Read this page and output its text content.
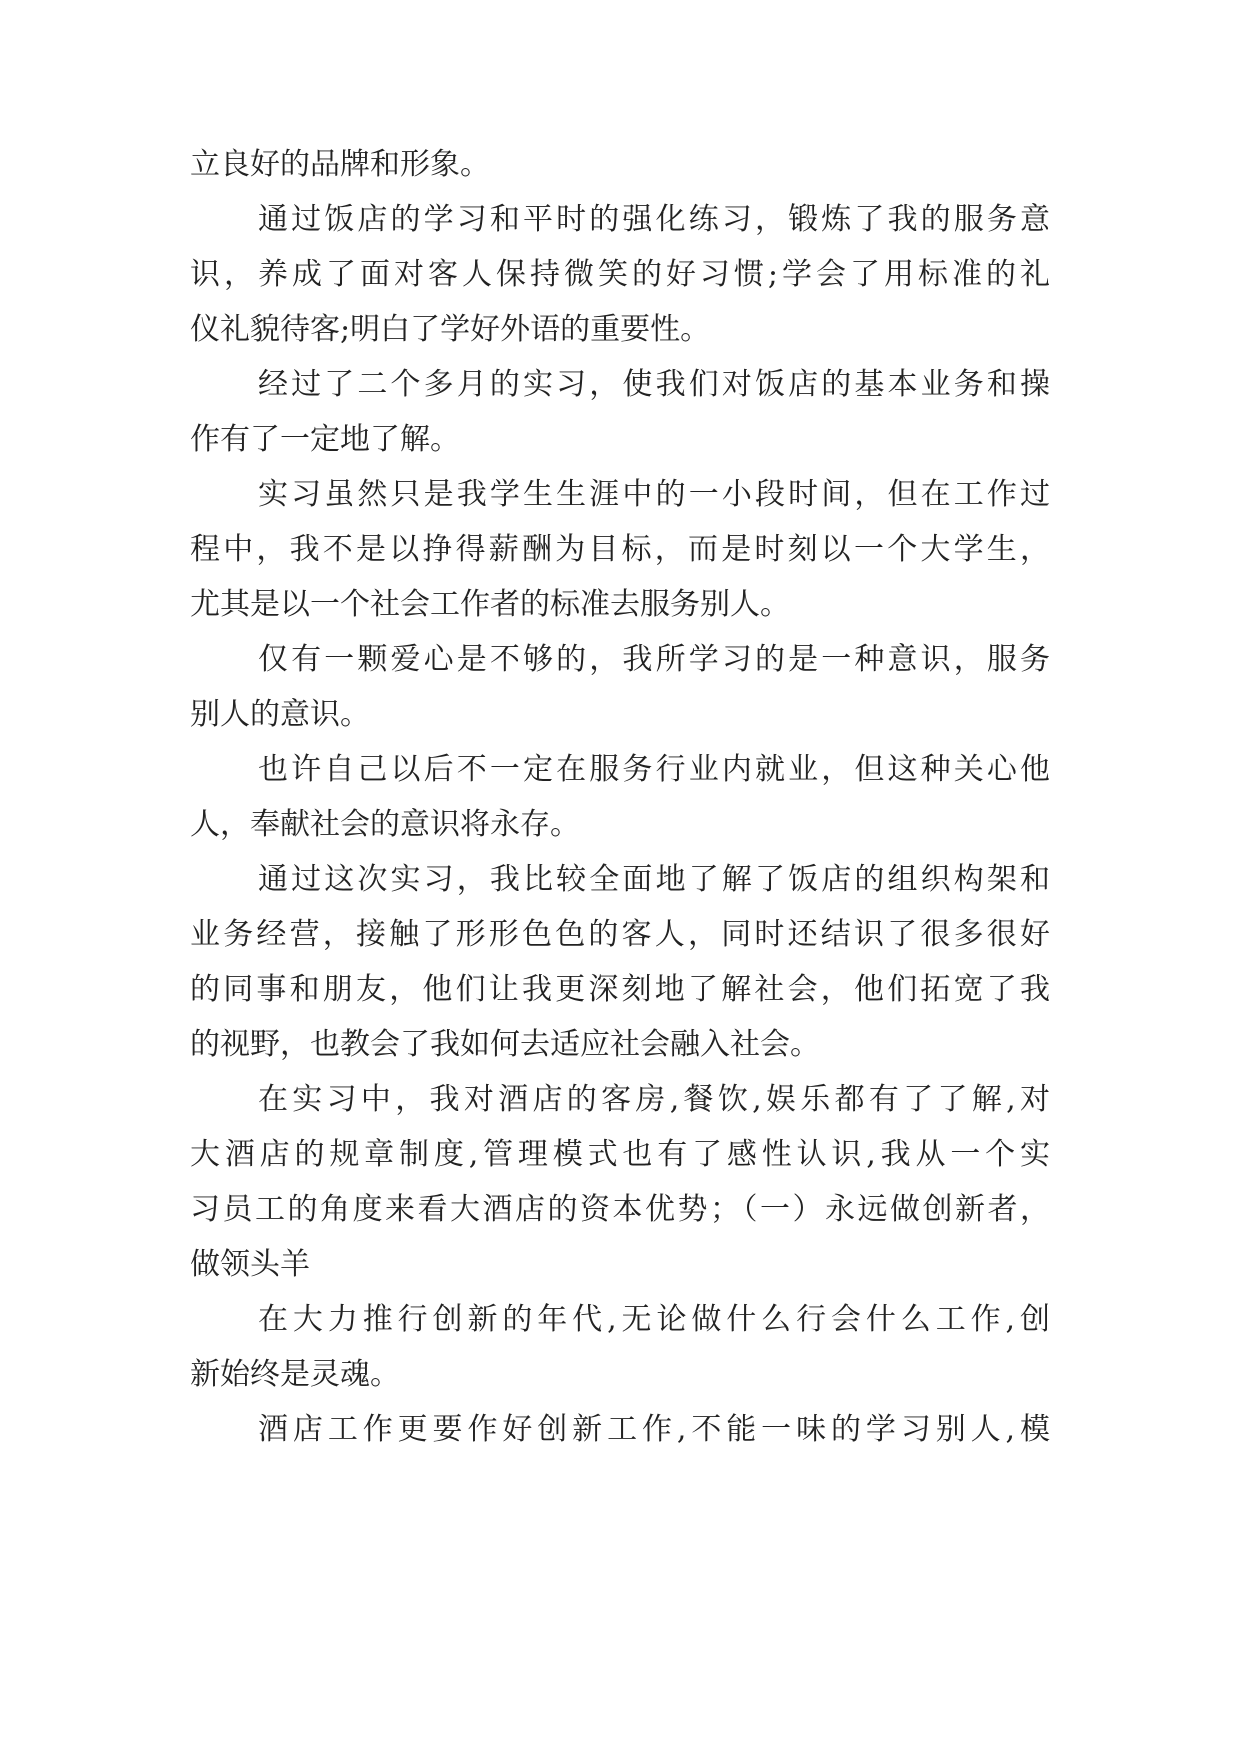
立良好的品牌和形象。
通过饭店的学习和平时的强化练习，锻炼了我的服务意
识，养成了面对客人保持微笑的好习惯;学会了用标准的礼
仪礼貌待客;明白了学好外语的重要性。
经过了二个多月的实习，使我们对饭店的基本业务和操
作有了一定地了解。
实习虽然只是我学生生涯中的一小段时间，但在工作过
程中，我不是以挣得薪酬为目标，而是时刻以一个大学生，
尤其是以一个社会工作者的标准去服务别人。
仅有一颗爱心是不够的，我所学习的是一种意识，服务
别人的意识。
也许自己以后不一定在服务行业内就业，但这种关心他
人，奉献社会的意识将永存。
通过这次实习，我比较全面地了解了饭店的组织构架和
业务经营，接触了形形色色的客人，同时还结识了很多很好
的同事和朋友，他们让我更深刻地了解社会，他们拓宽了我
的视野，也教会了我如何去适应社会融入社会。
在实习中，我对酒店的客房,餐饮,娱乐都有了了解,对
大酒店的规章制度,管理模式也有了感性认识,我从一个实
习员工的角度来看大酒店的资本优势；（一）永远做创新者，
做领头羊
在大力推行创新的年代,无论做什么行会什么工作,创
新始终是灵魂。
酒店工作更要作好创新工作,不能一味的学习别人,模
